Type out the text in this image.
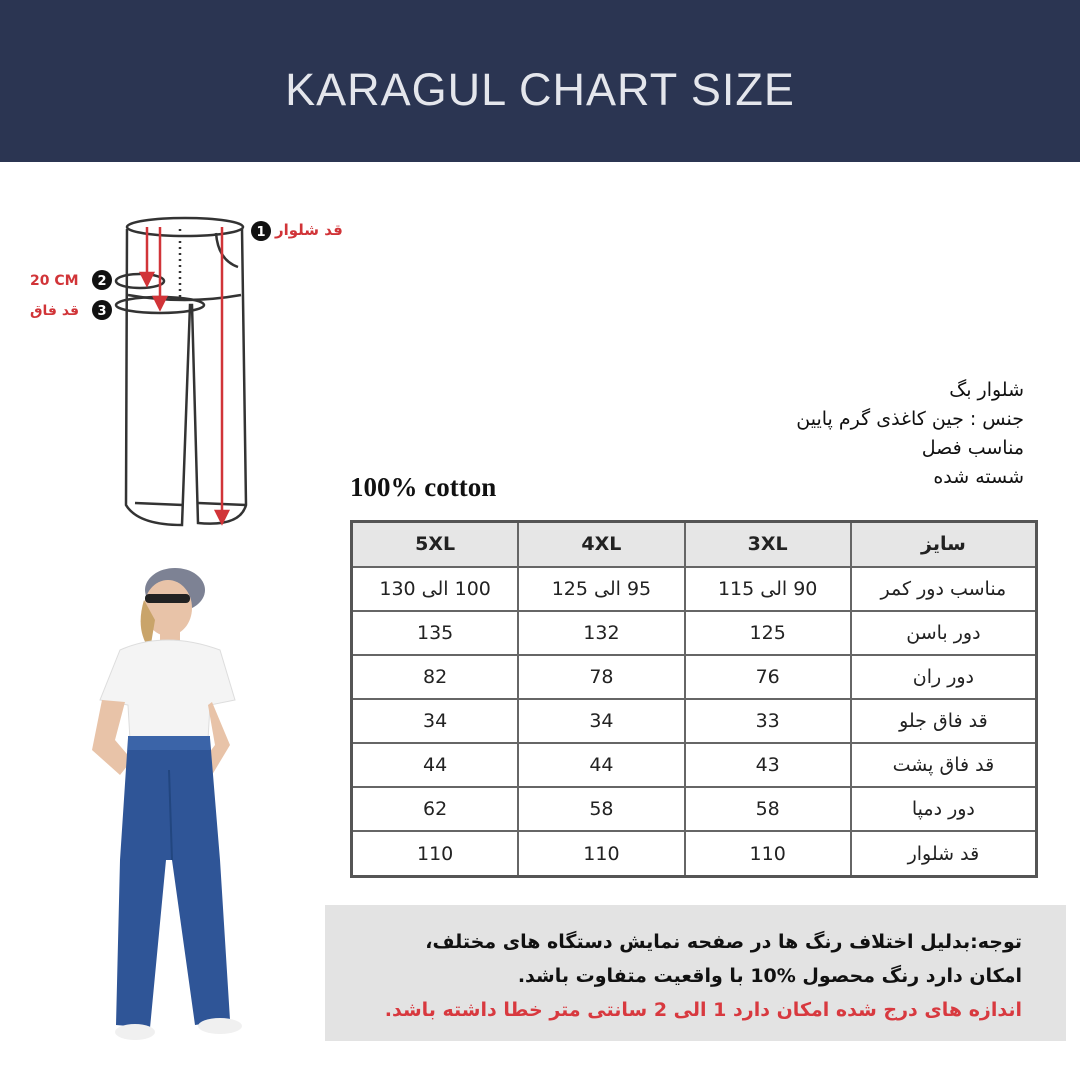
KARAGUL CHART SIZE
1 قد شلوار
2
20 CM
3
قد فاق
شلوار بگ
جنس : جین کاغذی گرم پایین
مناسب فصل
شسته شده
100% cotton
سایز	3XL	4XL	5XL
مناسب دور کمر	90 الی 115	95 الی 125	100 الی 130
دور باسن	125	132	135
دور ران	76	78	82
قد فاق جلو	33	34	34
قد فاق پشت	43	44	44
دور دمپا	58	58	62
قد شلوار	110	110	110
توجه:بدلیل اختلاف رنگ ها در صفحه نمایش دستگاه های مختلف،
امکان دارد رنگ محصول %10 با واقعیت متفاوت باشد.
اندازه های درج شده امکان دارد 1 الی 2 سانتی متر خطا داشته باشد.
